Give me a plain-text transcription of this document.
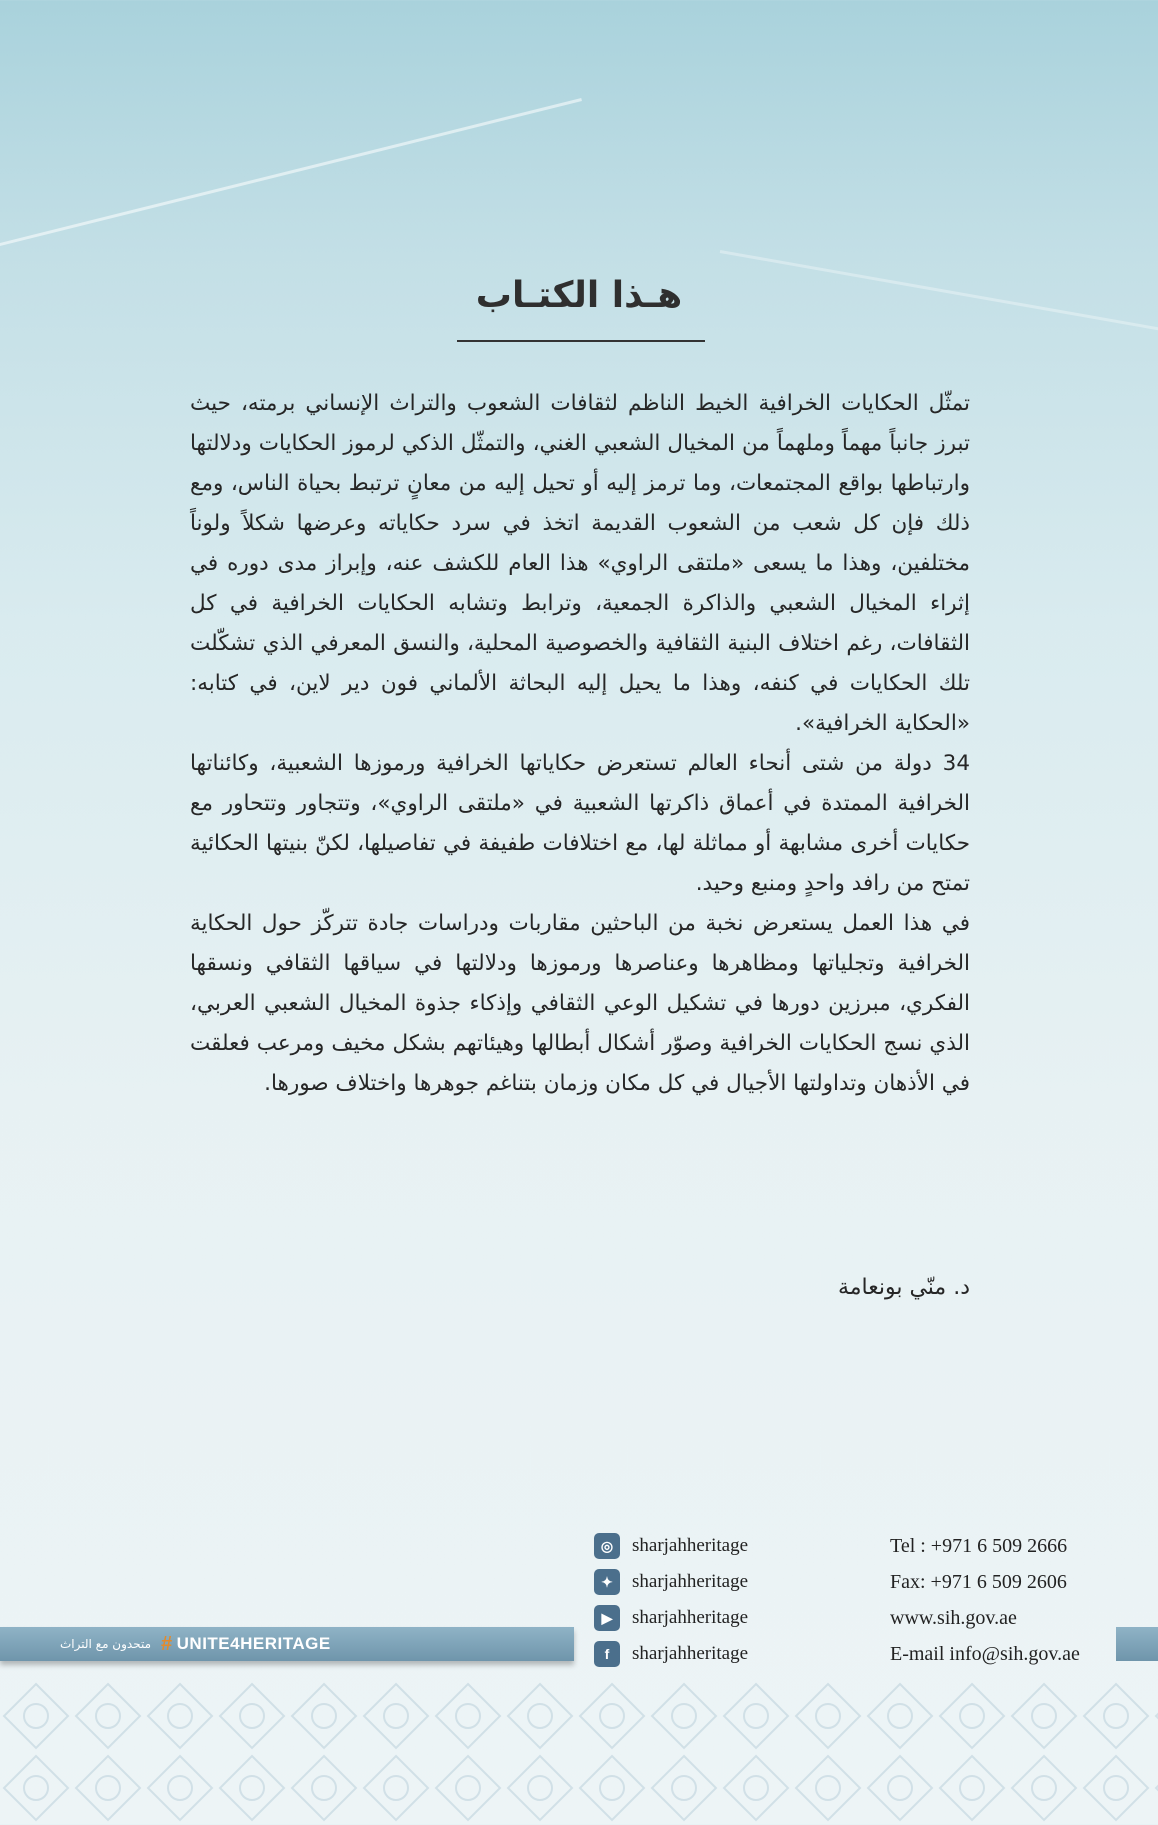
هـذا الكتـاب

تمثّل الحكايات الخرافية الخيط الناظم لثقافات الشعوب والتراث الإنساني برمته، حيث تبرز جانباً مهماً وملهماً من المخيال الشعبي الغني، والتمثّل الذكي لرموز الحكايات ودلالتها وارتباطها بواقع المجتمعات، وما ترمز إليه أو تحيل إليه من معانٍ ترتبط بحياة الناس، ومع ذلك فإن كل شعب من الشعوب القديمة اتخذ في سرد حكاياته وعرضها شكلاً ولوناً مختلفين، وهذا ما يسعى «ملتقى الراوي» هذا العام للكشف عنه، وإبراز مدى دوره في إثراء المخيال الشعبي والذاكرة الجمعية، وترابط وتشابه الحكايات الخرافية في كل الثقافات، رغم اختلاف البنية الثقافية والخصوصية المحلية، والنسق المعرفي الذي تشكّلت تلك الحكايات في كنفه، وهذا ما يحيل إليه البحاثة الألماني فون دير لاين، في كتابه: «الحكاية الخرافية».

34 دولة من شتى أنحاء العالم تستعرض حكاياتها الخرافية ورموزها الشعبية، وكائناتها الخرافية الممتدة في أعماق ذاكرتها الشعبية في «ملتقى الراوي»، وتتجاور وتتحاور مع حكايات أخرى مشابهة أو مماثلة لها، مع اختلافات طفيفة في تفاصيلها، لكنّ بنيتها الحكائية تمتح من رافد واحدٍ ومنبع وحيد.

في هذا العمل يستعرض نخبة من الباحثين مقاربات ودراسات جادة تتركّز حول الحكاية الخرافية وتجلياتها ومظاهرها وعناصرها ورموزها ودلالتها في سياقها الثقافي ونسقها الفكري، مبرزين دورها في تشكيل الوعي الثقافي وإذكاء جذوة المخيال الشعبي العربي، الذي نسج الحكايات الخرافية وصوّر أشكال أبطالها وهيئاتهم بشكل مخيف ومرعب فعلقت في الأذهان وتداولتها الأجيال في كل مكان وزمان بتناغم جوهرها واختلاف صورها.

د. منّي بونعامة
◎ sharjahheritage
✦	sharjahheritage
▶	sharjahheritage
f	sharjahheritage
Tel : +971 6 509 2666
Fax: +971 6 509 2606
www.sih.gov.ae
E-mail info@sih.gov.ae
متحدون مع التراث # UNITE4HERITAGE
